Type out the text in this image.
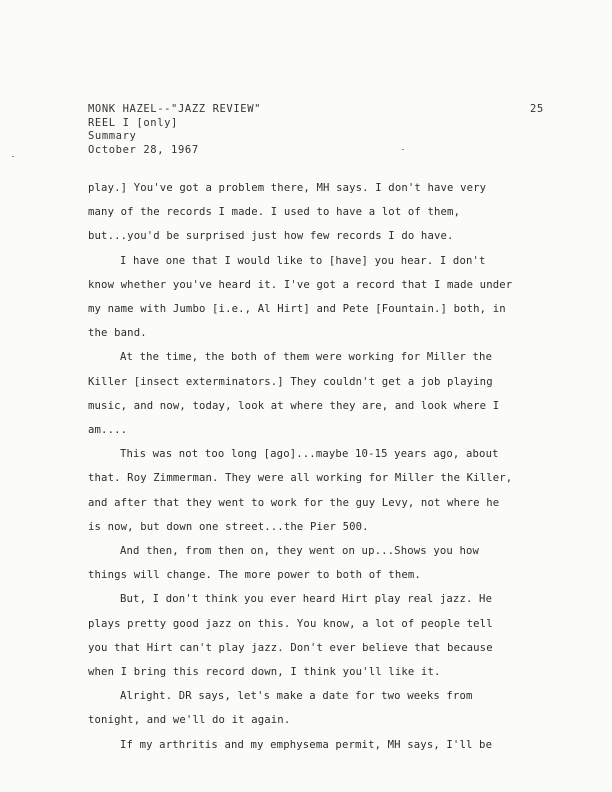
MONK HAZEL--"JAZZ REVIEW"
REEL I [only]
Summary
October 28, 1967
25

play.] You've got a problem there, MH says. I don't have very
many of the records I made. I used to have a lot of them,
but...you'd be surprised just how few records I do have.

I have one that I would like to [have] you hear. I don't
know whether you've heard it. I've got a record that I made under
my name with Jumbo [i.e., Al Hirt] and Pete [Fountain.] both, in
the band.

At the time, the both of them were working for Miller the
Killer [insect exterminators.] They couldn't get a job playing
music, and now, today, look at where they are, and look where I
am....

This was not too long [ago]...maybe 10-15 years ago, about
that. Roy Zimmerman. They were all working for Miller the Killer,
and after that they went to work for the guy Levy, not where he
is now, but down one street...the Pier 500.

And then, from then on, they went on up...Shows you how
things will change. The more power to both of them.

But, I don't think you ever heard Hirt play real jazz. He
plays pretty good jazz on this. You know, a lot of people tell
you that Hirt can't play jazz. Don't ever believe that because
when I bring this record down, I think you'll like it.

Alright. DR says, let's make a date for two weeks from
tonight, and we'll do it again.

If my arthritis and my emphysema permit, MH says, I'll be
